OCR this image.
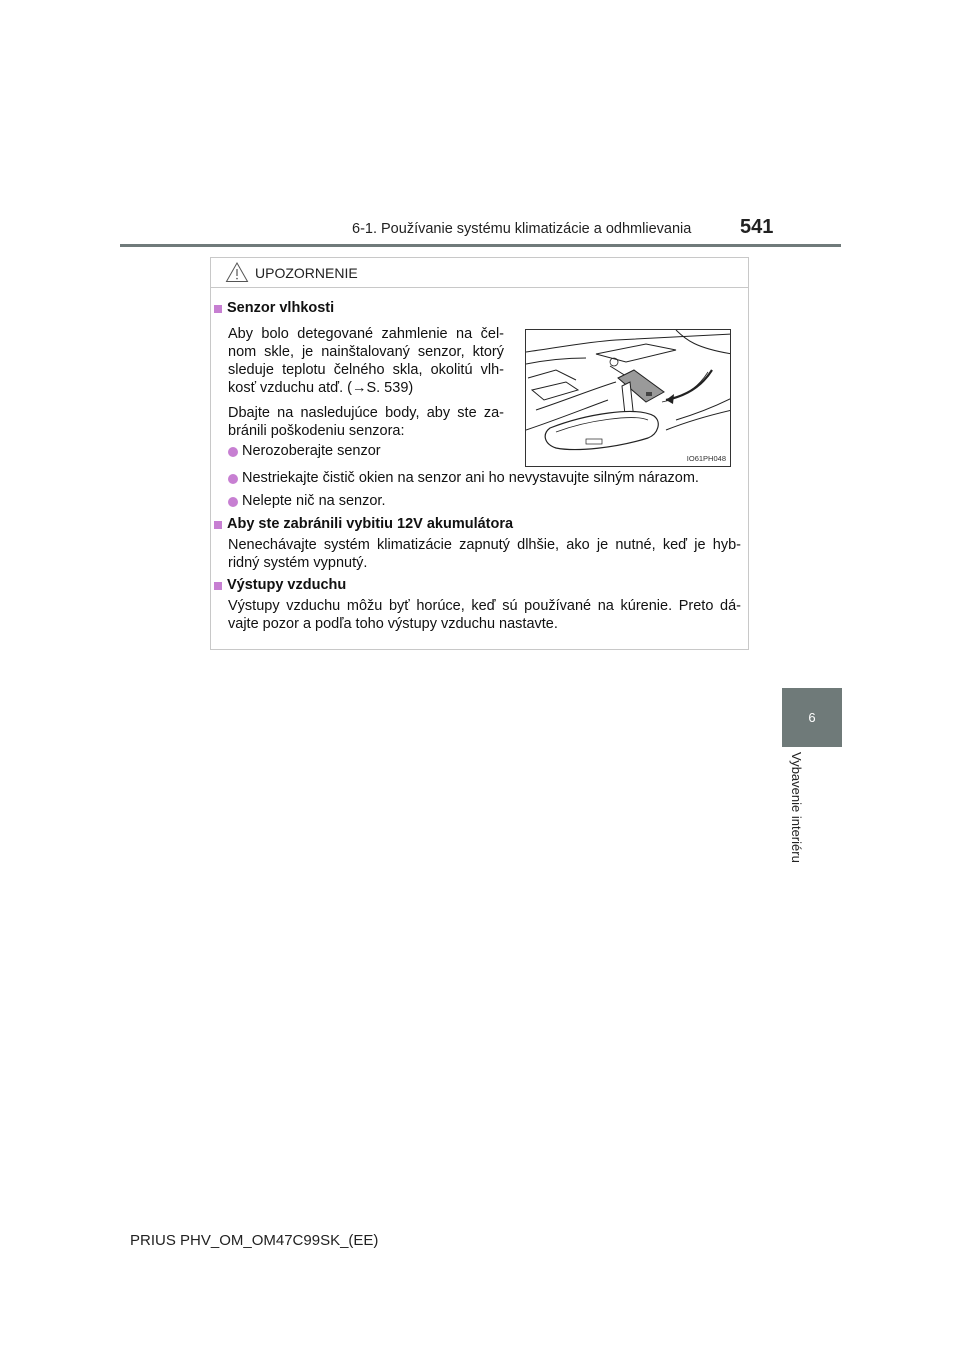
6-1. Používanie systému klimatizácie a odhmlievania 541
6
Vybavenie interiéru
UPOZORNENIE
Senzor vlhkosti
Aby bolo detegované zahmlenie na čel-
nom skle, je nainštalovaný senzor, ktorý
sleduje teplotu čelného skla, okolitú vlh-
kosť vzduchu atď. (→S. 539)
Dbajte na nasledujúce body, aby ste za-
bránili poškodeniu senzora:
Nerozoberajte senzor
Nestriekajte čistič okien na senzor ani ho nevystavujte silným nárazom.
Nelepte nič na senzor.
IO61PH048
Aby ste zabránili vybitiu 12V akumulátora
Nenechávajte systém klimatizácie zapnutý dlhšie, ako je nutné, keď je hyb-
ridný systém vypnutý.
Výstupy vzduchu
Výstupy vzduchu môžu byť horúce, keď sú používané na kúrenie. Preto dá-
vajte pozor a podľa toho výstupy vzduchu nastavte.
PRIUS PHV_OM_OM47C99SK_(EE)
